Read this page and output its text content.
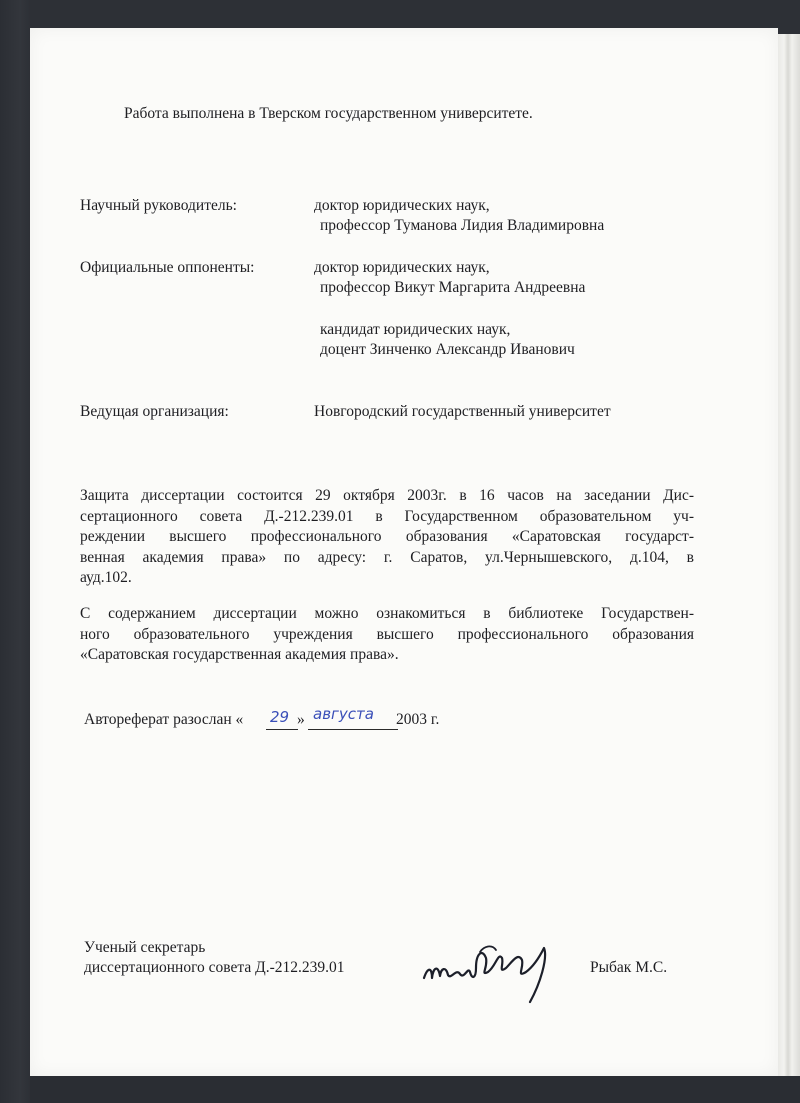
Работа выполнена в Тверском государственном университете.
Научный руководитель:	доктор юридических наук,
профессор Туманова Лидия Владимировна
Официальные оппоненты:	доктор юридических наук,
профессор Викут Маргарита Андреевна
кандидат юридических наук,
доцент Зинченко Александр Иванович
Ведущая организация:	Новгородский государственный университет
Защита диссертации состоится 29 октября 2003г. в 16 часов на заседании Дис-
сертационного совета Д.-212.239.01 в Государственном образовательном уч-
реждении высшего профессионального образования «Саратовская государст-
венная академия права» по адресу: г. Саратов, ул.Чернышевского, д.104, в
ауд.102.
С содержанием диссертации можно ознакомиться в библиотеке Государствен-
ного образовательного учреждения высшего профессионального образования
«Саратовская государственная академия права».
Автореферат разослан « 29 » августа 2003 г.
Ученый секретарь
диссертационного совета Д.-212.239.01	Рыбак М.С.
